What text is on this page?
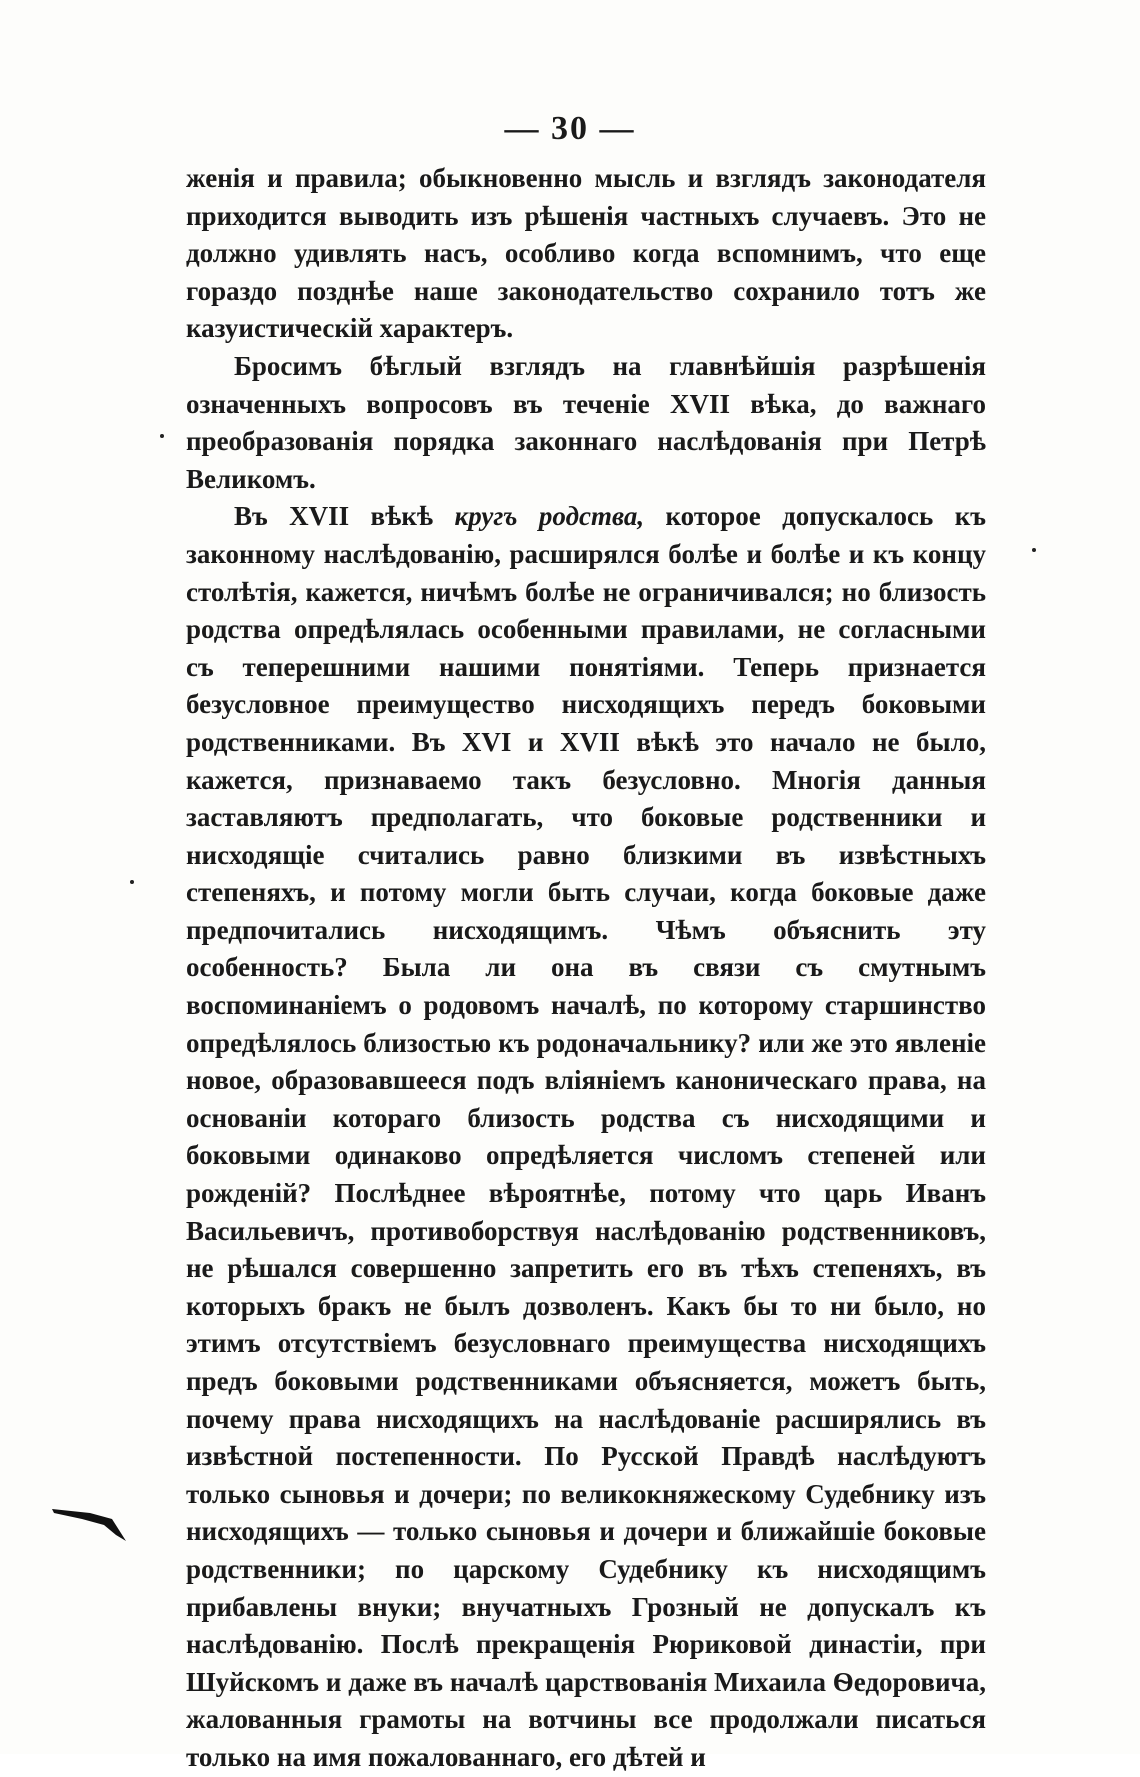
— 30 —

женія и правила; обыкновенно мысль и взглядъ законодателя приходится выводить изъ рѣшенія частныхъ случаевъ. Это не должно удивлять насъ, особливо когда вспомнимъ, что еще гораздо позднѣе наше законодательство сохранило тотъ же казуистическій характеръ.

Бросимъ бѣглый взглядъ на главнѣйшія разрѣшенія означенныхъ вопросовъ въ теченіе XVII вѣка, до важнаго преобразованія порядка законнаго наслѣдованія при Петрѣ Великомъ.

Въ XVII вѣкѣ кругъ родства, которое допускалось къ законному наслѣдованію, расширялся болѣе и болѣе и къ концу столѣтія, кажется, ничѣмъ болѣе не ограничивался; но близость родства опредѣлялась особенными правилами, не согласными съ теперешними нашими понятіями. Теперь признается безусловное преимущество нисходящихъ передъ боковыми родственниками. Въ XVI и XVII вѣкѣ это начало не было, кажется, признаваемо такъ безусловно. Многія данныя заставляютъ предполагать, что боковые родственники и нисходящіе считались равно близкими въ извѣстныхъ степеняхъ, и потому могли быть случаи, когда боковые даже предпочитались нисходящимъ. Чѣмъ объяснить эту особенность? Была ли она въ связи съ смутнымъ воспоминаніемъ о родовомъ началѣ, по которому старшинство опредѣлялось близостью къ родоначальнику? или же это явленіе новое, образовавшееся подъ вліяніемъ каноническаго права, на основаніи котораго близость родства съ нисходящими и боковыми одинаково опредѣляется числомъ степеней или рожденій? Послѣднее вѣроятнѣе, потому что царь Иванъ Васильевичъ, противоборствуя наслѣдованію родственниковъ, не рѣшался совершенно запретить его въ тѣхъ степеняхъ, въ которыхъ бракъ не былъ дозволенъ. Какъ бы то ни было, но этимъ отсутствіемъ безусловнаго преимущества нисходящихъ предъ боковыми родственниками объясняется, можетъ быть, почему права нисходящихъ на наслѣдованіе расширялись въ извѣстной постепенности. По Русской Правдѣ наслѣдуютъ только сыновья и дочери; по великокняжескому Судебнику изъ нисходящихъ — только сыновья и дочери и ближайшіе боковые родственники; по царскому Судебнику къ нисходящимъ прибавлены внуки; внучатныхъ Грозный не допускалъ къ наслѣдованію. Послѣ прекращенія Рюриковой династіи, при Шуйскомъ и даже въ началѣ царствованія Михаила Ѳедоровича, жалованныя грамоты на вотчины все продолжали писаться только на имя пожалованнаго, его дѣтей и
